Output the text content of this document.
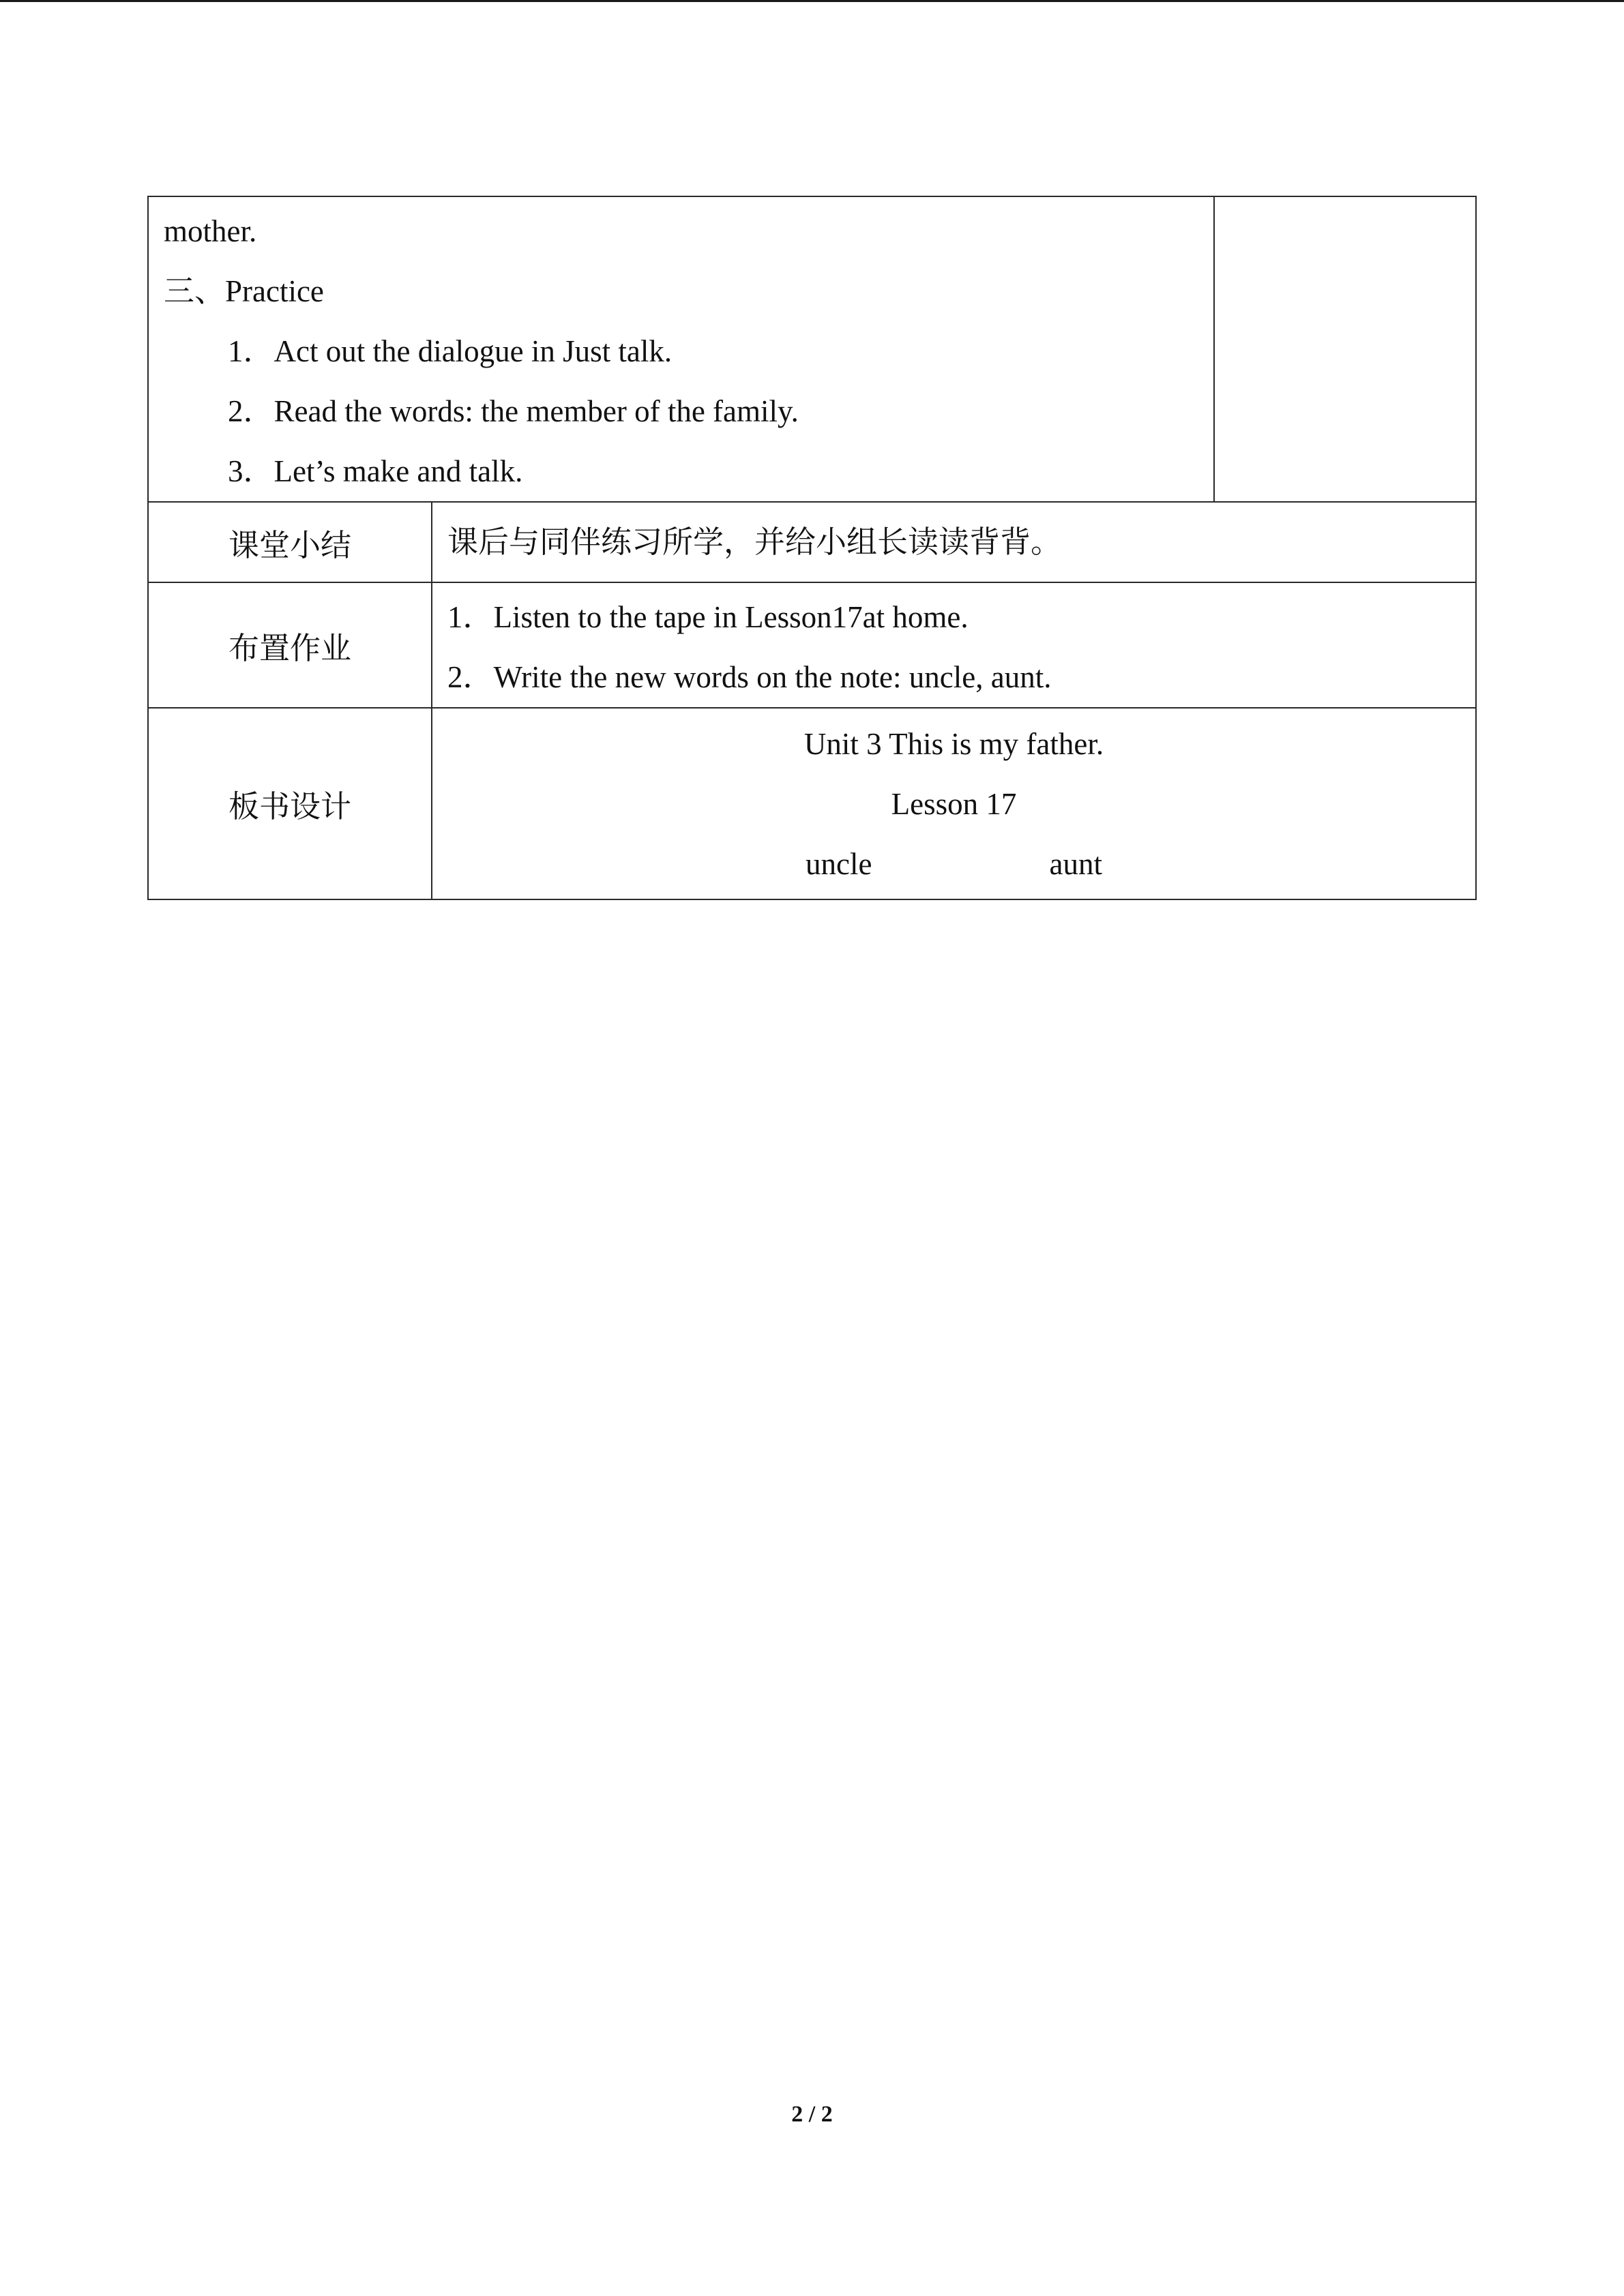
mother.
三、Practice
1．Act out the dialogue in Just talk.
2．Read the words: the member of the family.
3．Let’s make and talk.		

课堂小结	课后与同伴练习所学，并给小组长读读背背。	

布置作业	1．Listen to the tape in Lesson17at home.
2．Write the new words on the note: uncle, aunt.	

板书设计	Unit 3 This is my father.
Lesson 17
uncle aunt	
2 / 2
